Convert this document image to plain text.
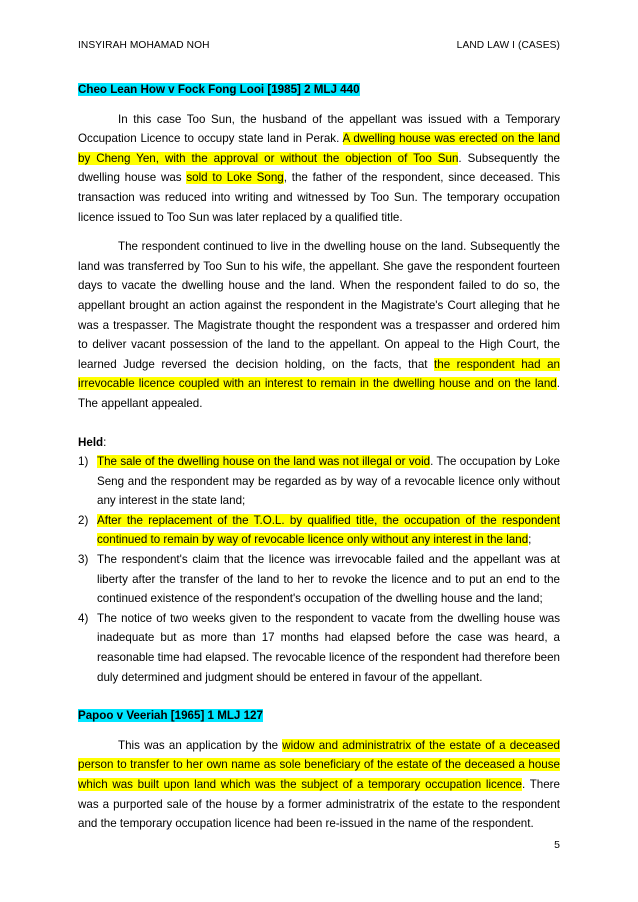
INSYIRAH MOHAMAD NOH	LAND LAW I (CASES)

Cheo Lean How v Fock Fong Looi [1985] 2 MLJ 440

In this case Too Sun, the husband of the appellant was issued with a Temporary Occupation Licence to occupy state land in Perak. A dwelling house was erected on the land by Cheng Yen, with the approval or without the objection of Too Sun. Subsequently the dwelling house was sold to Loke Song, the father of the respondent, since deceased. This transaction was reduced into writing and witnessed by Too Sun. The temporary occupation licence issued to Too Sun was later replaced by a qualified title.

The respondent continued to live in the dwelling house on the land. Subsequently the land was transferred by Too Sun to his wife, the appellant. She gave the respondent fourteen days to vacate the dwelling house and the land. When the respondent failed to do so, the appellant brought an action against the respondent in the Magistrate's Court alleging that he was a trespasser. The Magistrate thought the respondent was a trespasser and ordered him to deliver vacant possession of the land to the appellant. On appeal to the High Court, the learned Judge reversed the decision holding, on the facts, that the respondent had an irrevocable licence coupled with an interest to remain in the dwelling house and on the land. The appellant appealed.

Held:

1) The sale of the dwelling house on the land was not illegal or void. The occupation by Loke Seng and the respondent may be regarded as by way of a revocable licence only without any interest in the state land;
2) After the replacement of the T.O.L. by qualified title, the occupation of the respondent continued to remain by way of revocable licence only without any interest in the land;
3) The respondent's claim that the licence was irrevocable failed and the appellant was at liberty after the transfer of the land to her to revoke the licence and to put an end to the continued existence of the respondent's occupation of the dwelling house and the land;
4) The notice of two weeks given to the respondent to vacate from the dwelling house was inadequate but as more than 17 months had elapsed before the case was heard, a reasonable time had elapsed. The revocable licence of the respondent had therefore been duly determined and judgment should be entered in favour of the appellant.

Papoo v Veeriah [1965] 1 MLJ 127

This was an application by the widow and administratrix of the estate of a deceased person to transfer to her own name as sole beneficiary of the estate of the deceased a house which was built upon land which was the subject of a temporary occupation licence. There was a purported sale of the house by a former administratrix of the estate to the respondent and the temporary occupation licence had been re-issued in the name of the respondent.

5
